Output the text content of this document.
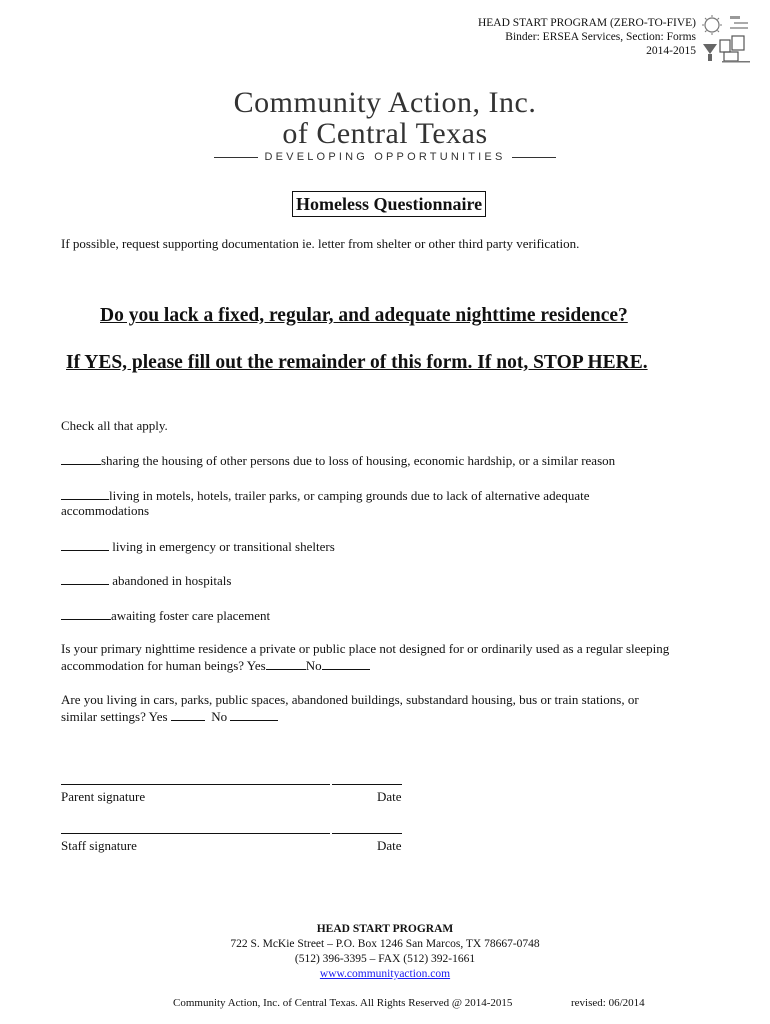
HEAD START PROGRAM (ZERO-TO-FIVE)
Binder: ERSEA Services, Section: Forms
2014-2015
Community Action, Inc.
of Central Texas
DEVELOPING OPPORTUNITIES
Homeless Questionnaire
If possible, request supporting documentation ie. letter from shelter or other third party verification.
Do you lack a fixed, regular, and adequate nighttime residence?
If YES, please fill out the remainder of this form. If not, STOP HERE.
Check all that apply.
sharing the housing of other persons due to loss of housing, economic hardship, or a similar reason
living in motels, hotels, trailer parks, or camping grounds due to lack of alternative adequate
accommodations
living in emergency or transitional shelters
abandoned in hospitals
awaiting foster care placement
Is your primary nighttime residence a private or public place not designed for or ordinarily used as a regular sleeping
accommodation for human beings? Yes	No
Are you living in cars, parks, public spaces, abandoned buildings, substandard housing, bus or train stations, or
similar settings? Yes	No
Parent signature	Date
Staff signature	Date
HEAD START PROGRAM
722 S. McKie Street – P.O. Box 1246 San Marcos, TX 78667-0748
(512) 396-3395 – FAX (512) 392-1661
www.communityaction.com
Community Action, Inc. of Central Texas. All Rights Reserved @ 2014-2015	revised: 06/2014
